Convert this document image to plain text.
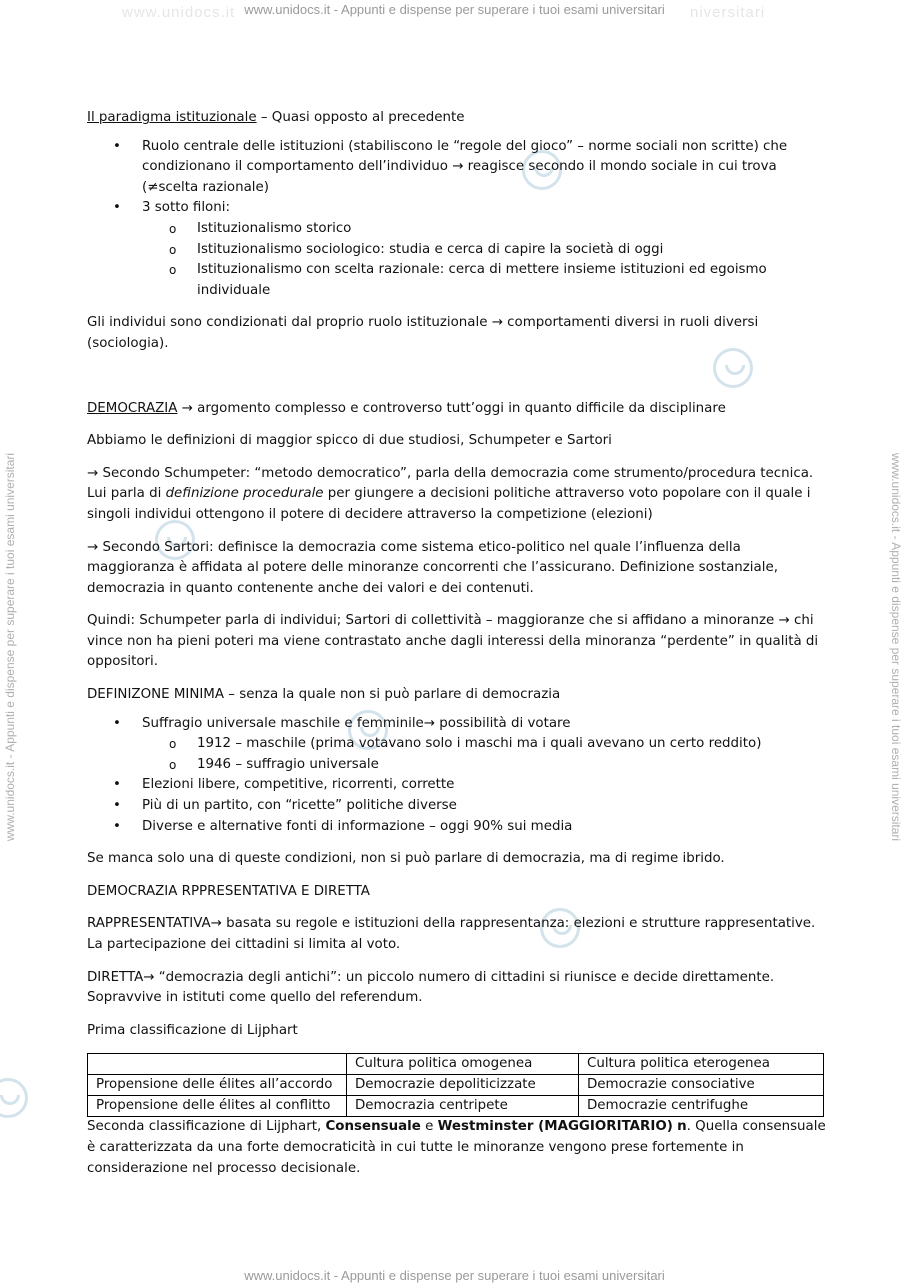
www.unidocs.it	niversitari
www.unidocs.it - Appunti e dispense per superare i tuoi esami universitari
www.unidocs.it - Appunti e dispense per superare i tuoi esami universitari	www.unidocs.it - Appunti e dispense per superare i tuoi esami universitari

Il paradigma istituzionale – Quasi opposto al precedente

• Ruolo centrale delle istituzioni (stabiliscono le “regole del gioco” – norme sociali non scritte) che condizionano il comportamento dell’individuo → reagisce secondo il mondo sociale in cui trova (≠scelta razionale)
• 3 sotto filoni:
o Istituzionalismo storico
o Istituzionalismo sociologico: studia e cerca di capire la società di oggi
o Istituzionalismo con scelta razionale: cerca di mettere insieme istituzioni ed egoismo individuale

Gli individui sono condizionati dal proprio ruolo istituzionale → comportamenti diversi in ruoli diversi (sociologia).

DEMOCRAZIA → argomento complesso e controverso tutt’oggi in quanto difficile da disciplinare

Abbiamo le definizioni di maggior spicco di due studiosi, Schumpeter e Sartori

→ Secondo Schumpeter: “metodo democratico”, parla della democrazia come strumento/procedura tecnica. Lui parla di definizione procedurale per giungere a decisioni politiche attraverso voto popolare con il quale i singoli individui ottengono il potere di decidere attraverso la competizione (elezioni)

→ Secondo Sartori: definisce la democrazia come sistema etico-politico nel quale l’influenza della maggioranza è affidata al potere delle minoranze concorrenti che l’assicurano. Definizione sostanziale, democrazia in quanto contenente anche dei valori e dei contenuti.

Quindi: Schumpeter parla di individui; Sartori di collettività – maggioranze che si affidano a minoranze → chi vince non ha pieni poteri ma viene contrastato anche dagli interessi della minoranza “perdente” in qualità di oppositori.

DEFINIZONE MINIMA – senza la quale non si può parlare di democrazia

• Suffragio universale maschile e femminile→ possibilità di votare
o 1912 – maschile (prima votavano solo i maschi ma i quali avevano un certo reddito)
o 1946 – suffragio universale
• Elezioni libere, competitive, ricorrenti, corrette
• Più di un partito, con “ricette” politiche diverse
• Diverse e alternative fonti di informazione – oggi 90% sui media

Se manca solo una di queste condizioni, non si può parlare di democrazia, ma di regime ibrido.

DEMOCRAZIA RPPRESENTATIVA E DIRETTA

RAPPRESENTATIVA→ basata su regole e istituzioni della rappresentanza: elezioni e strutture rappresentative. La partecipazione dei cittadini si limita al voto.

DIRETTA→ “democrazia degli antichi”: un piccolo numero di cittadini si riunisce e decide direttamente. Sopravvive in istituti come quello del referendum.

Prima classificazione di Lijphart

	Cultura politica omogenea	Cultura politica eterogenea
Propensione delle élites all’accordo	Democrazie depoliticizzate	Democrazie consociative
Propensione delle élites al conflitto	Democrazia centripete	Democrazie centrifughe

Seconda classificazione di Lijphart, Consensuale e Westminster (MAGGIORITARIO) n. Quella consensuale è caratterizzata da una forte democraticità in cui tutte le minoranze vengono prese fortemente in considerazione nel processo decisionale.

www.unidocs.it - Appunti e dispense per superare i tuoi esami universitari
